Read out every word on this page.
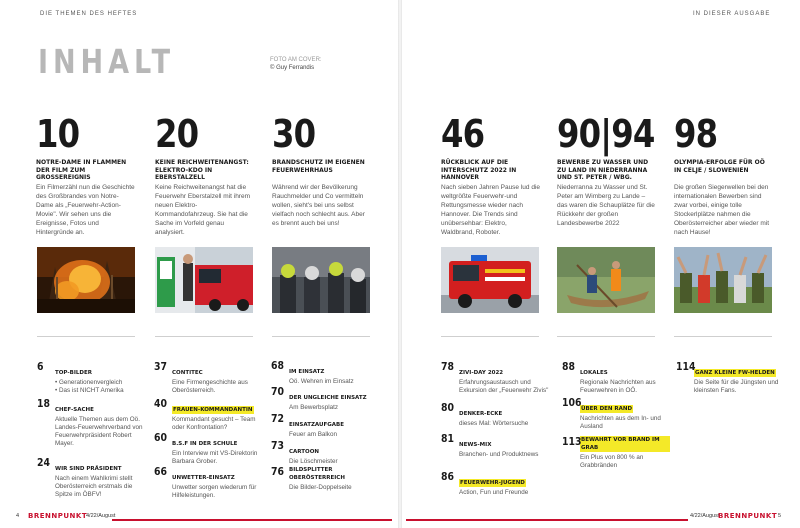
DIE THEMEN DES HEFTES	IN DIESER AUSGABE
INHALT	FOTO AM COVER:
© Guy Ferrandis
10
NOTRE-DAME IN FLAMMEN DER FILM ZUM GROSSEREIGNIS
Ein Filmerzähl nun die Geschichte des Großbrandes von Notre-Dame als „Feuerwehr-Action-Movie". Wir sehen uns die Ereignisse, Fotos und Hintergründe an.
20
KEINE REICHWEITENANGST: ELEKTRO-KDO IN EBERSTALZELL
Keine Reichweitenangst hat die Feuerwehr Eberstalzell mit ihrem neuen Elektro-Kommandofahrzeug. Sie hat die Sache im Vorfeld genau analysiert.
30
BRANDSCHUTZ IM EIGENEN FEUERWEHRHAUS
Während wir der Bevölkerung Rauchmelder und Co vermitteln wollen, sieht's bei uns selbst vielfach noch schlecht aus. Aber es brennt auch bei uns!
46
RÜCKBLICK AUF DIE INTERSCHUTZ 2022 IN HANNOVER
Nach sieben Jahren Pause lud die weltgrößte Feuerwehr-und Rettungsmesse wieder nach Hannover. Die Trends sind unübersehbar: Elektro, Waldbrand, Roboter.
90|94
BEWERBE ZU WASSER UND ZU LAND IN NIEDERRANNA UND ST. PETER / WBG.
Niederranna zu Wasser und St. Peter am Wimberg zu Lande – das waren die Schauplätze für die Rückkehr der großen Landesbewerbe 2022
98
OLYMPIA-ERFOLGE FÜR OÖ IN CELJE / SLOWENIEN
Die großen Siegerwellen bei den internationalen Bewerben sind zwar vorbei, einige tolle Stockerlplätze nahmen die Oberösterreicher aber wieder mit nach Hause!
6 TOP-BILDER
• Generationenvergleich
• Das ist NICHT Amerika
18 CHEF-SACHE
Aktuelle Themen aus dem Oö. Landes-Feuerwehrverband von Feuerwehrpräsident Robert Mayer.
24 WIR SIND PRÄSIDENT
Nach einem Wahlkrimi stellt Oberösterreich erstmals die Spitze im ÖBFV!
37 CONTITEC
Eine Firmengeschichte aus Oberösterreich.
40 FRAUEN-KOMMANDANTIN
Kommandant gesucht – Team oder Konfrontation?
60 B.S.F IN DER SCHULE
Ein Interview mit VS-Direktorin Barbara Grober.
66 UNWETTER-EINSATZ
Unwetter sorgen wiederum für Hilfeleistungen.
68 IM EINSATZ
Oö. Wehren im Einsatz
70 DER UNGLEICHE EINSATZ
Am Bewerbsplatz
72 EINSATZAUFGABE
Feuer am Balkon
73 CARTOON
Die Löschmeister
76 BILDSPLITTER OBERÖSTERREICH
Die Bilder-Doppelseite
78 ZIVI-DAY 2022
Erfahrungsaustausch und Exkursion der „Feuerwehr Zivis"
80 DENKER-ECKE
dieses Mal: Wörtersuche
81 NEWS-MIX
Branchen- und Produktnews
86 FEUERWEHR-JUGEND
Action, Fun und Freunde
88 LOKALES
Regionale Nachrichten aus Feuerwehren in OÖ.
106 ÜBER DEN RAND
Nachrichten aus dem In- und Ausland
113 BEWAHRT VOR BRAND IM GRAB
Ein Plus von 800 % an Grabbränden
114 GANZ KLEINE FW-HELDEN
Die Seite für die Jüngsten und kleinsten Fans.
4 BRENNPUNKT
4/22/August	4/22/August
BRENNPUNKT 5
